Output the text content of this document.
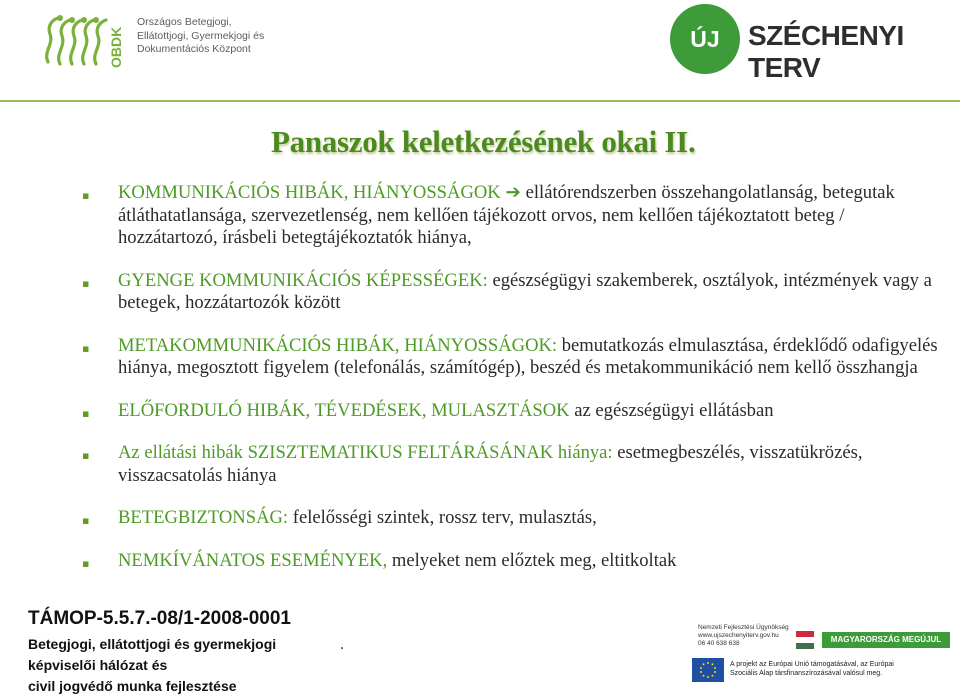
OBDK
Országos Betegjogi,
Ellátottjogi, Gyermekjogi és
Dokumentációs Központ	ÚJ	SZÉCHENYI TERV
Panaszok keletkezésének okai II.
▪ KOMMUNIKÁCIÓS HIBÁK, HIÁNYOSSÁGOK ➔ ellátórendszerben összehangolatlanság, betegutak átláthatatlansága, szervezetlenség, nem kellően tájékozott orvos, nem kellően tájékoztatott beteg / hozzátartozó, írásbeli betegtájékoztatók hiánya,
▪ GYENGE KOMMUNIKÁCIÓS KÉPESSÉGEK: egészségügyi szakemberek, osztályok, intézmények vagy a betegek, hozzátartozók között
▪ METAKOMMUNIKÁCIÓS HIBÁK, HIÁNYOSSÁGOK: bemutatkozás elmulasztása, érdeklődő odafigyelés hiánya, megosztott figyelem (telefonálás, számítógép), beszéd és metakommunikáció nem kellő összhangja
▪ ELŐFORDULÓ HIBÁK, TÉVEDÉSEK, MULASZTÁSOK az egészségügyi ellátásban
▪ Az ellátási hibák SZISZTEMATIKUS FELTÁRÁSÁNAK hiánya: esetmegbeszélés, visszatükrözés, visszacsatolás hiánya
▪ BETEGBIZTONSÁG: felelősségi szintek, rossz terv, mulasztás,
▪ NEMKÍVÁNATOS ESEMÉNYEK, melyeket nem előztek meg, eltitkoltak
TÁMOP-5.5.7.-08/1-2008-0001
Betegjogi, ellátottjogi és gyermekjogi
képviselői hálózat és
civil jogvédő munka fejlesztése
.
Nemzeti Fejlesztési Ügynökség
www.ujszechenyiterv.gov.hu
06 40 638 638	MAGYARORSZÁG MEGÚJUL
A projekt az Európai Unió támogatásával, az Európai
Szociális Alap társfinanszírozásával valósul meg.
